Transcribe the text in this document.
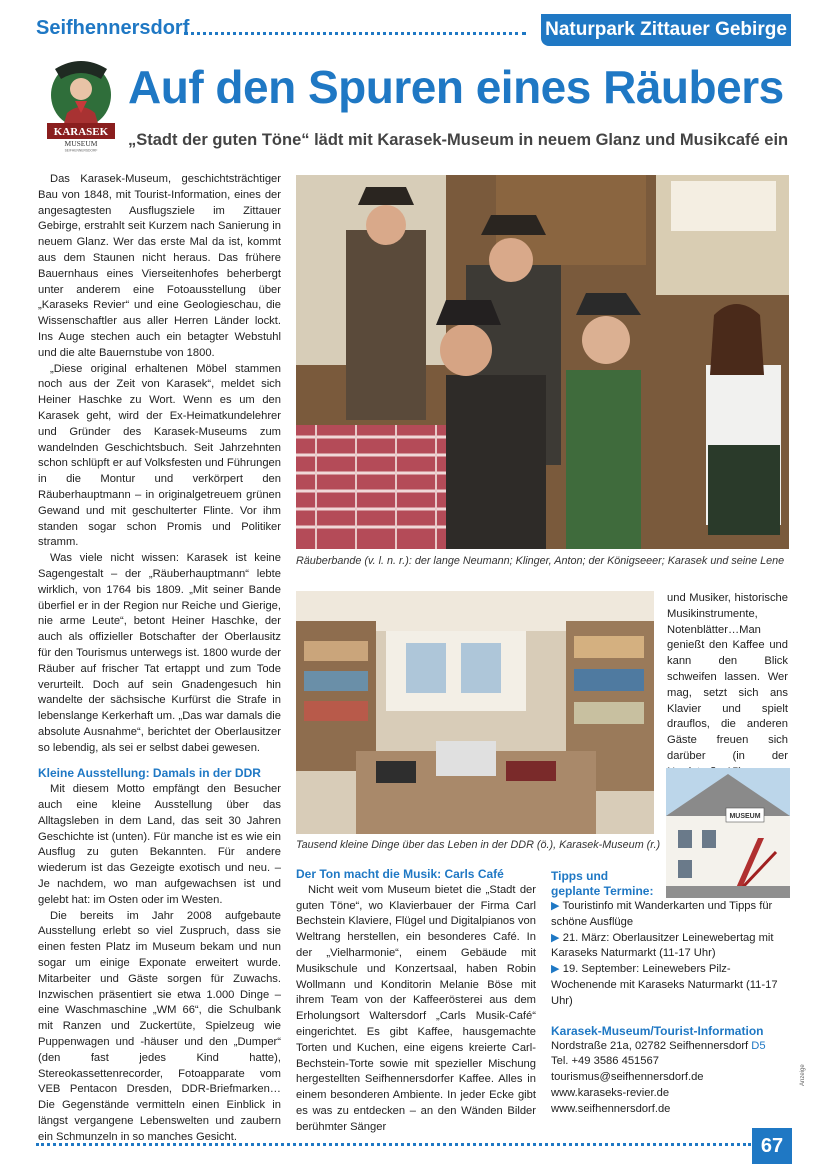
Seifhennersdorf	Naturpark Zittauer Gebirge
KARASEK
MUSEUM
SEIFHENNERSDORF
Auf den Spuren eines Räubers
„Stadt der guten Töne“ lädt mit Karasek-Museum in neuem Glanz und Musikcafé ein

Das Karasek-Museum, geschichtsträchtiger Bau von 1848, mit Tourist-Information, eines der angesagtesten Ausflugsziele im Zittauer Gebirge, erstrahlt seit Kurzem nach Sanierung in neuem Glanz. Wer das erste Mal da ist, kommt aus dem Staunen nicht heraus. Das frühere Bauernhaus eines Vierseitenhofes beherbergt unter anderem eine Fotoausstellung über „Karaseks Revier“ und eine Geologieschau, die Wissenschaftler aus aller Herren Länder lockt. Ins Auge stechen auch ein betagter Webstuhl und die alte Bauernstube von 1800.

„Diese original erhaltenen Möbel stammen noch aus der Zeit von Karasek“, meldet sich Heiner Haschke zu Wort. Wenn es um den Karasek geht, wird der Ex-Heimatkundelehrer und Gründer des Karasek-Museums zum wandelnden Geschichtsbuch. Seit Jahrzehnten schon schlüpft er auf Volksfesten und Führungen in die Montur und verkörpert den Räuberhauptmann – in originalgetreuem grünen Gewand und mit geschulterter Flinte. Vor ihm standen sogar schon Promis und Politiker stramm.

Was viele nicht wissen: Karasek ist keine Sagengestalt – der „Räuberhauptmann“ lebte wirklich, von 1764 bis 1809. „Mit seiner Bande überfiel er in der Region nur Reiche und Gierige, nie arme Leute“, betont Heiner Haschke, der auch als offizieller Botschafter der Oberlausitz für den Tourismus unterwegs ist. 1800 wurde der Räuber auf frischer Tat ertappt und zum Tode verurteilt. Doch auf sein Gnadengesuch hin wandelte der sächsische Kurfürst die Strafe in lebenslange Kerkerhaft um. „Das war damals die absolute Ausnahme“, berichtet der Oberlausitzer so lebendig, als sei er selbst dabei gewesen.

Kleine Ausstellung: Damals in der DDR

Mit diesem Motto empfängt den Besucher auch eine kleine Ausstellung über das Alltagsleben in dem Land, das seit 30 Jahren Geschichte ist (unten). Für manche ist es wie ein Ausflug zu guten Bekannten. Für andere wiederum ist das Gezeigte exotisch und neu. – Je nachdem, wo man aufgewachsen ist und gelebt hat: im Osten oder im Westen.

Die bereits im Jahr 2008 aufgebaute Ausstellung erlebt so viel Zuspruch, dass sie einen festen Platz im Museum bekam und nun sogar um einige Exponate erweitert wurde. Mitarbeiter und Gäste sorgen für Zuwachs. Inzwischen präsentiert sie etwa 1.000 Dinge – eine Waschmaschine „WM 66“, die Schulbank mit Ranzen und Zuckertüte, Spielzeug wie Puppenwagen und -häuser und den „Dumper“ (den fast jedes Kind hatte), Stereokassettenrecorder, Fotoapparate vom VEB Pentacon Dresden, DDR-Briefmarken… Die Gegenstände vermitteln einen Einblick in längst vergangene Lebenswelten und zaubern ein Schmunzeln in so manches Gesicht.

Räuberbande (v. l. n. r.): der lange Neumann; Klinger, Anton; der Königseeer; Karasek und seine Lene

und Musiker, historische Musikinstrumente, Notenblätter…Man genießt den Kaffee und kann den Blick schweifen lassen. Wer mag, setzt sich ans Klavier und spielt drauflos, die anderen Gäste freuen sich darüber (in der

MUSEUM
Tausend kleine Dinge über das Leben in der DDR (ö.), Karasek-Museum (r.)
Der Ton macht die Musik: Carls Café

Nicht weit vom Museum bietet die „Stadt der guten Töne“, wo Klavierbauer der Firma Carl Bechstein Klaviere, Flügel und Digitalpianos von Weltrang herstellen, ein besonderes Café. In der „Vielharmonie“, einem Gebäude mit Musikschule und Konzertsaal, haben Robin Wollmann und Konditorin Melanie Böse mit ihrem Team von der Kaffeerösterei aus dem Erholungsort Waltersdorf „Carls Musik-Café“ eingerichtet. Es gibt Kaffee, hausgemachte Torten und Kuchen, eine eigens kreierte Carl-Bechstein-Torte sowie mit spezieller Mischung hergestellten Seifhennersdorfer Kaffee. Alles in einem besonderen Ambiente. In jeder Ecke gibt es was zu entdecken – an den Wänden Bilder berühmter Sänger

Tipps und
geplante Termine:
▶ Touristinfo mit Wanderkarten und Tipps für schöne Ausflüge
▶ 21. März: Oberlausitzer Leinewebertag mit Karaseks Naturmarkt (11-17 Uhr)
▶ 19. September: Leinewebers Pilz-Wochenende mit Karaseks Naturmarkt (11-17 Uhr)
Karasek-Museum/Tourist-Information
Nordstraße 21a, 02782 Seifhennersdorf D5
Tel. +49 3586 451567
tourismus@seifhennersdorf.de
www.karaseks-revier.de
www.seifhennersdorf.de
Anzeige
67
